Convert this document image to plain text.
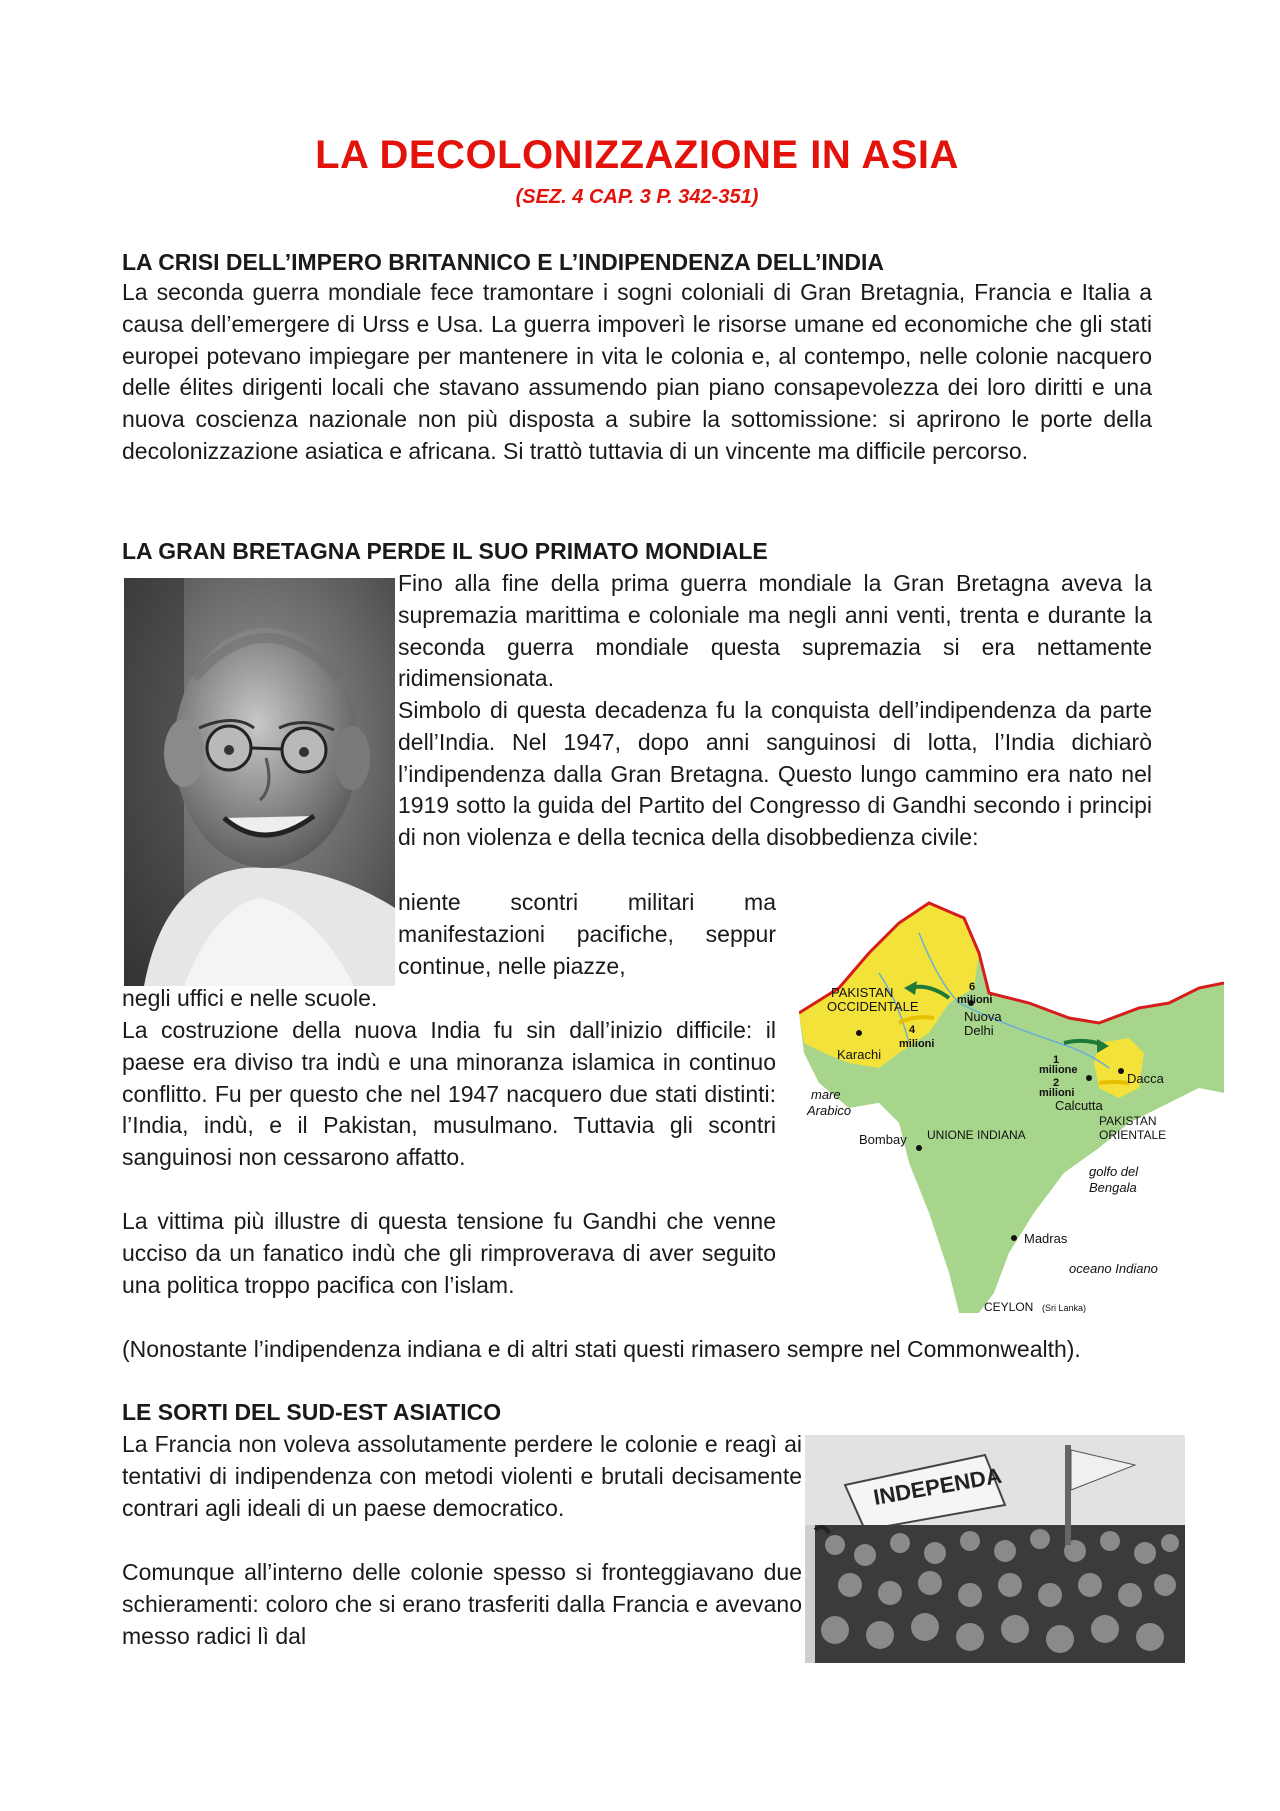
LA DECOLONIZZAZIONE IN ASIA
(SEZ. 4 CAP. 3 P. 342-351)
LA CRISI DELL’IMPERO BRITANNICO E L’INDIPENDENZA DELL’INDIA
La seconda guerra mondiale fece tramontare i sogni coloniali di Gran Bretagnia, Francia e Italia a causa dell’emergere di Urss e Usa. La guerra impoverì le risorse umane ed economiche che gli stati europei potevano impiegare per mantenere in vita le colonia e, al contempo, nelle colonie nacquero delle élites dirigenti locali che stavano assumendo pian piano consapevolezza dei loro diritti e una nuova coscienza nazionale non più disposta a subire la sottomissione: si aprirono le porte della decolonizzazione asiatica e africana. Si trattò tuttavia di un vincente ma difficile percorso.
LA GRAN BRETAGNA PERDE IL SUO PRIMATO MONDIALE
Fino alla fine della prima guerra mondiale la Gran Bretagna aveva la supremazia marittima e coloniale ma negli anni venti, trenta e durante la seconda guerra mondiale questa supremazia si era nettamente ridimensionata.
Simbolo di questa decadenza fu la conquista dell’indipendenza da parte dell’India. Nel 1947, dopo anni sanguinosi di lotta, l’India dichiarò l’indipendenza dalla Gran Bretagna. Questo lungo cammino era nato nel 1919 sotto la guida del Partito del Congresso di Gandhi secondo i principi di non violenza e della tecnica della disobbedienza civile:
niente scontri militari ma manifestazioni pacifiche, seppur continue, nelle piazze,
negli uffici e nelle scuole.
La costruzione della nuova India fu sin dall’inizio difficile: il paese era diviso tra indù e una minoranza islamica in continuo conflitto. Fu per questo che nel 1947 nacquero due stati distinti: l’India, indù, e il Pakistan, musulmano. Tuttavia gli scontri sanguinosi non cessarono affatto.
La vittima più illustre di questa tensione fu Gandhi che venne ucciso da un fanatico indù che gli rimproverava di aver seguito una politica troppo pacifica con l’islam.
(Nonostante l’indipendenza indiana e di altri stati questi rimasero sempre nel Commonwealth).
PAKISTAN
OCCIDENTALE
Karachi
mare
Arabico
Bombay UNIONE INDIANA
Nuova
Delhi
6
milioni
4
milioni
1
milione
2
milioni
Calcutta
Dacca
PAKISTAN
ORIENTALE
golfo del
Bengala
Madras
oceano Indiano
CEYLON (Sri Lanka)
LE SORTI DEL SUD-EST ASIATICO
La Francia non voleva assolutamente perdere le colonie e reagì ai tentativi di indipendenza con metodi violenti e brutali decisamente contrari agli ideali di un paese democratico.
Comunque all’interno delle colonie spesso si fronteggiavano due schieramenti: coloro che si erano trasferiti dalla Francia e avevano messo radici lì dal
INDEPENDA
